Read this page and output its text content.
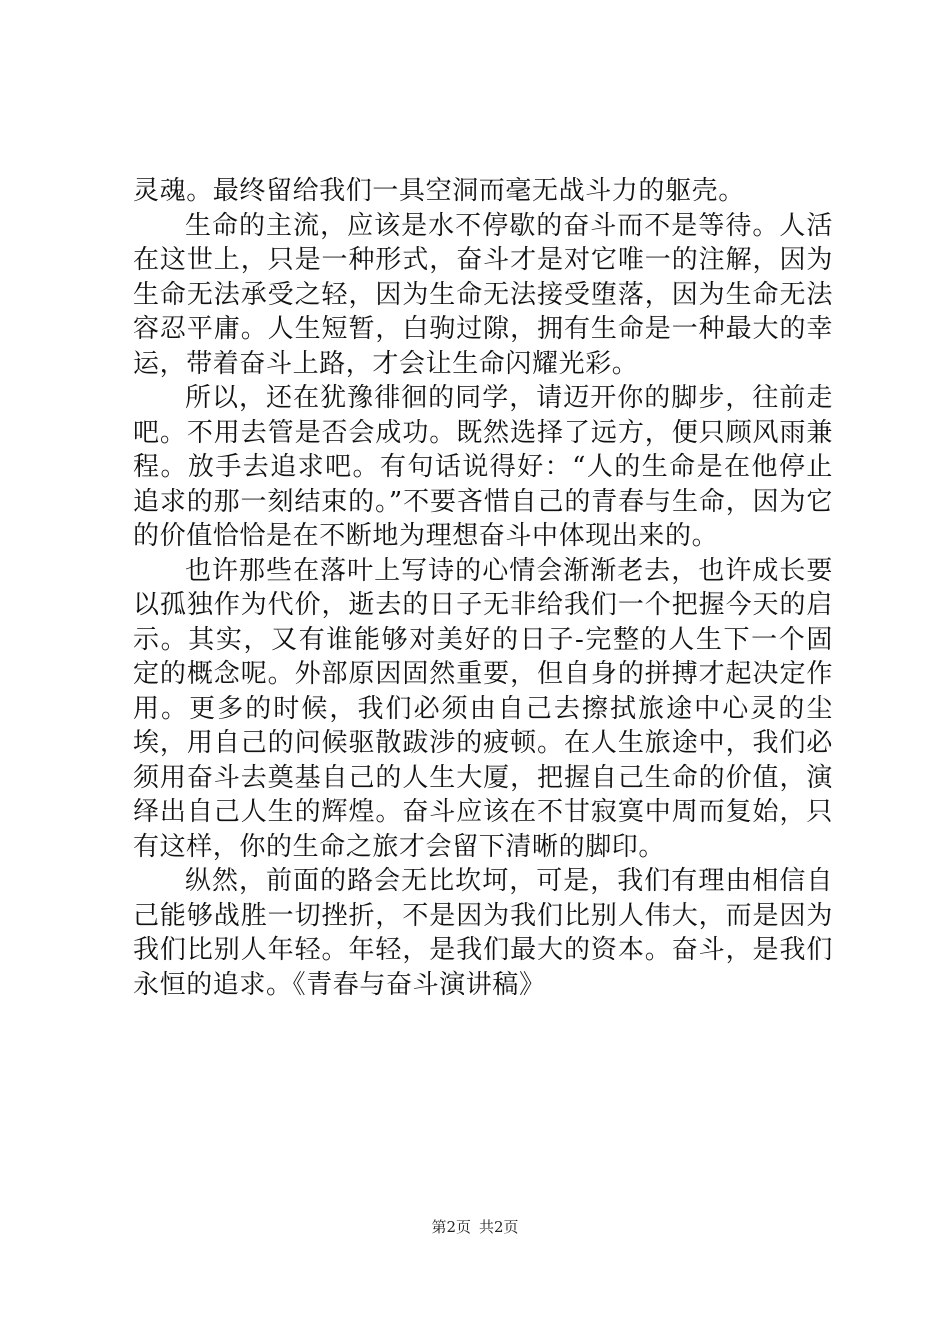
灵魂。最终留给我们一具空洞而毫无战斗力的躯壳。

生命的主流，应该是水不停歇的奋斗而不是等待。人活在这世上，只是一种形式，奋斗才是对它唯一的注解，因为生命无法承受之轻，因为生命无法接受堕落，因为生命无法容忍平庸。人生短暂，白驹过隙，拥有生命是一种最大的幸运，带着奋斗上路，才会让生命闪耀光彩。

所以，还在犹豫徘徊的同学，请迈开你的脚步，往前走吧。不用去管是否会成功。既然选择了远方，便只顾风雨兼程。放手去追求吧。有句话说得好：“人的生命是在他停止追求的那一刻结束的。”不要吝惜自己的青春与生命，因为它的价值恰恰是在不断地为理想奋斗中体现出来的。

也许那些在落叶上写诗的心情会渐渐老去，也许成长要以孤独作为代价，逝去的日子无非给我们一个把握今天的启示。其实，又有谁能够对美好的日子-完整的人生下一个固定的概念呢。外部原因固然重要，但自身的拼搏才起决定作用。更多的时候，我们必须由自己去擦拭旅途中心灵的尘埃，用自己的问候驱散跋涉的疲顿。在人生旅途中，我们必须用奋斗去奠基自己的人生大厦，把握自己生命的价值，演绎出自己人生的辉煌。奋斗应该在不甘寂寞中周而复始，只有这样，你的生命之旅才会留下清晰的脚印。

纵然，前面的路会无比坎坷，可是，我们有理由相信自己能够战胜一切挫折，不是因为我们比别人伟大，而是因为我们比别人年轻。年轻，是我们最大的资本。奋斗，是我们永恒的追求。《青春与奋斗演讲稿》

第2页 共2页
